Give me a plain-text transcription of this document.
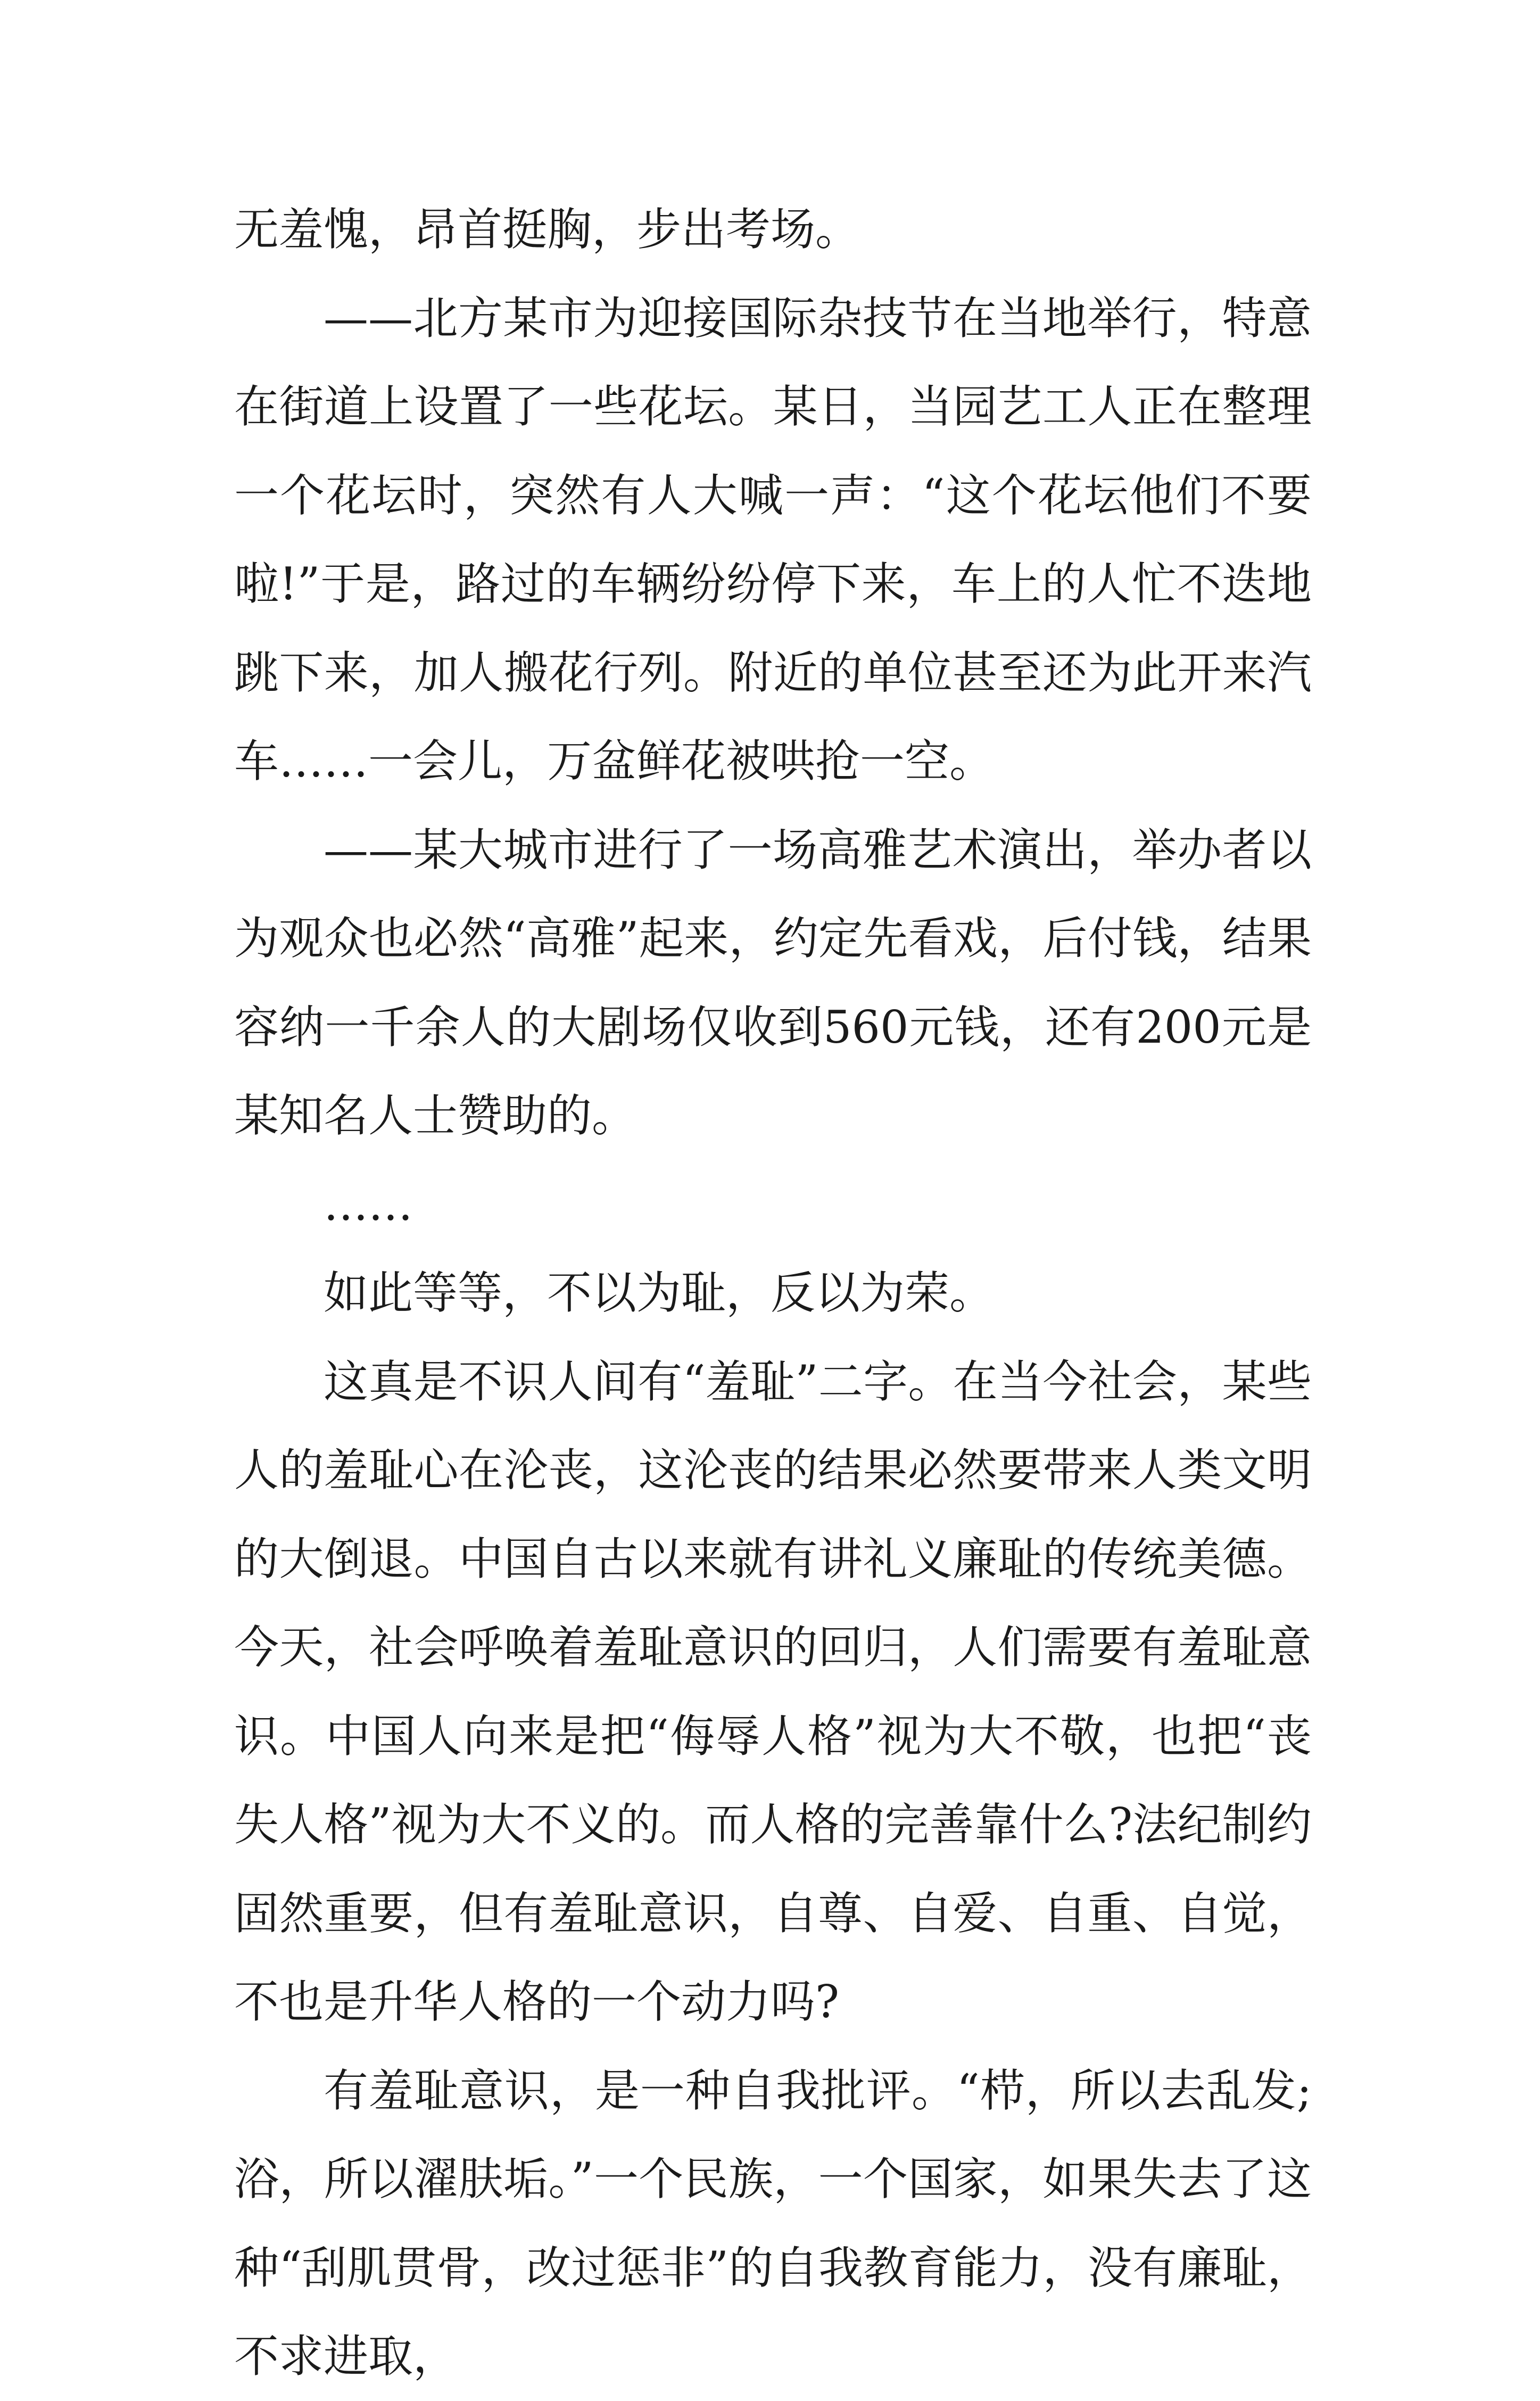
无羞愧，昂首挺胸，步出考场。

——北方某市为迎接国际杂技节在当地举行，特意在街道上设置了一些花坛。某日，当园艺工人正在整理一个花坛时，突然有人大喊一声：“这个花坛他们不要啦!”于是，路过的车辆纷纷停下来，车上的人忙不迭地跳下来，加人搬花行列。附近的单位甚至还为此开来汽车……一会儿，万盆鲜花被哄抢一空。

——某大城市进行了一场高雅艺术演出，举办者以为观众也必然“高雅”起来，约定先看戏，后付钱，结果容纳一千余人的大剧场仅收到560元钱，还有200元是某知名人士赞助的。

……

如此等等，不以为耻，反以为荣。

这真是不识人间有“羞耻”二字。在当今社会，某些人的羞耻心在沦丧，这沦丧的结果必然要带来人类文明的大倒退。中国自古以来就有讲礼义廉耻的传统美德。今天，社会呼唤着羞耻意识的回归，人们需要有羞耻意识。中国人向来是把“侮辱人格”视为大不敬，也把“丧失人格”视为大不义的。而人格的完善靠什么?法纪制约固然重要，但有羞耻意识，自尊、自爱、自重、自觉，不也是升华人格的一个动力吗?

有羞耻意识，是一种自我批评。“栉，所以去乱发;浴，所以濯肤垢。”一个民族，一个国家，如果失去了这种“刮肌贯骨，改过惩非”的自我教育能力，没有廉耻，不求进取，
